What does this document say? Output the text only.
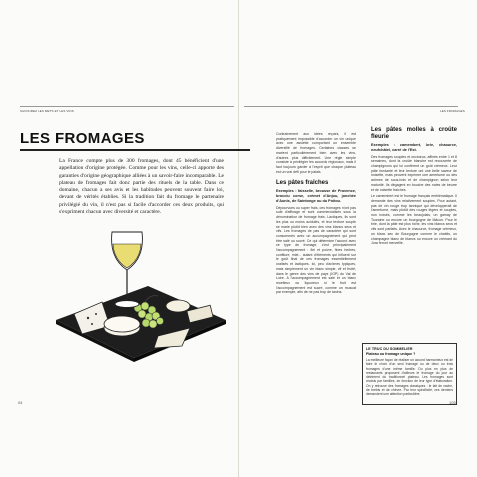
SAVOUREZ LES METS ET LES VINS
LES FROMAGES
La France compte plus de 300 fromages, dont 45 bénéficient d'une appellation d'origine protégée. Comme pour les vins, celle-ci apporte des garanties d'origine géographique alliées à un savoir-faire incomparable. Le plateau de fromages fait donc partie des rituels de la table. Dans ce domaine, chacun a ses avis et les habitudes peuvent souvent faire loi, devant de vérités établies. Si la tradition fait du fromage le partenaire privilégié du vin, il n'est pas si facile d'accorder ces deux produits, qui s'expriment chacun avec diversité et caractère.
04
LES FROMAGES

Contrairement aux idées reçues, il est pratiquement impossible d'accorder un vin unique avec une assiette comportant un ensemble diversifié de fromages. Certaines classes se marient particulièrement bien avec les vins, d'autres plus difficilement. Une règle simple consiste à privilégier les accords régionaux, mais il faut toujours garder à l'esprit que chaque plateau est un vrai défi pour le palais.

Les pâtes fraîches

Exemples : faisselle, brousse de Provence, brocciu corse, crémet d'Anjou, jonchée d'Aunis, de Saintonge ou du Poitou.

Dépourvues ou super frais, ces fromages n'ont pas subi d'affinage et sont commercialisés sous la dénomination de fromage frais. Lactiques, ils sont les plus ou moins acidulés, et leur texture souple se marie plutôt bien avec des vins blancs secs et vifs. Les fromages de pas de caractère qui sont consommés avec un accompagnement qui peut être salé ou sucré. Ce qui détermine l'accord avec ce type de fromage, c'est principalement l'accompagnement : fiel et poivre, fines herbes, confiture, miel... autant d'éléments qui influent sur le goût final de ces fromages essentiellement oralisés et lactiques. Ici, peu d'arômes typiques, mais simplement un vin blanc simple, vif et fruité, dans le genre des vins de pays (IGP) du Val de Loire. A l'accompagnement est salé et un blanc moelleux ou liquoreux si le fruit est l'accompagnement est sucré, comme un muscat par exemple, afin de ne pas trop de tanins.

Les pâtes molles à croûte fleurie

Exemples : camembert, brie, chaource, neufchâtel, carré de l'Est.

Des fromages souples et onctueux, affinés entre 1 et 8 semaines, dont la croûte blanche est recouverte de champignons qui lui confèrent un goût crémeux. Leur pâte fondante et leur texture ont une belle saveur de noisette, mais peuvent exprimer une amertume ou des arômes de sous-bois et de champignon selon leur maturité. Ils dégagent en bouche des notes de beurre et de noisette fraîches.

Le camembert est le fromage français emblématique. Il demande des vins relativement souples. Pour autant, pas de vin rouge trop tannique qui développerait de l'amertume, mais plutôt des rouges légers et souples, non boisés, comme les beaujolais, un gamay de Touraine ou encore un bourgogne de Mâcon. Pour le brie, dont la pâte est plus riche, les vins blancs secs et vifs sont parfaits. Avec le chaource, fromage crémeux, un blanc sec de Bourgogne comme le chablis, un champagne blanc de blancs ou encore un crémant du Jura feront merveille.

LE TRUC DU SOMMELIER
Plateau ou fromage unique ?
La meilleure façon de réaliser un accord harmonieux est de faire le choix d'un seul fromage ou de deux ou trois fromages d'une même famille. Du plus en plus de restaurants proposent d'ailleurs le fromage du jour au détriment du traditionnel plateau. Les fromages sont choisis par familles, en fonction de leur type d'élaboration. On y retrouve des fromages classiques : le lait de vache, de brebis et de chèvre. Par leur spécificité, ces derniers demandent une attention particulière.
105
